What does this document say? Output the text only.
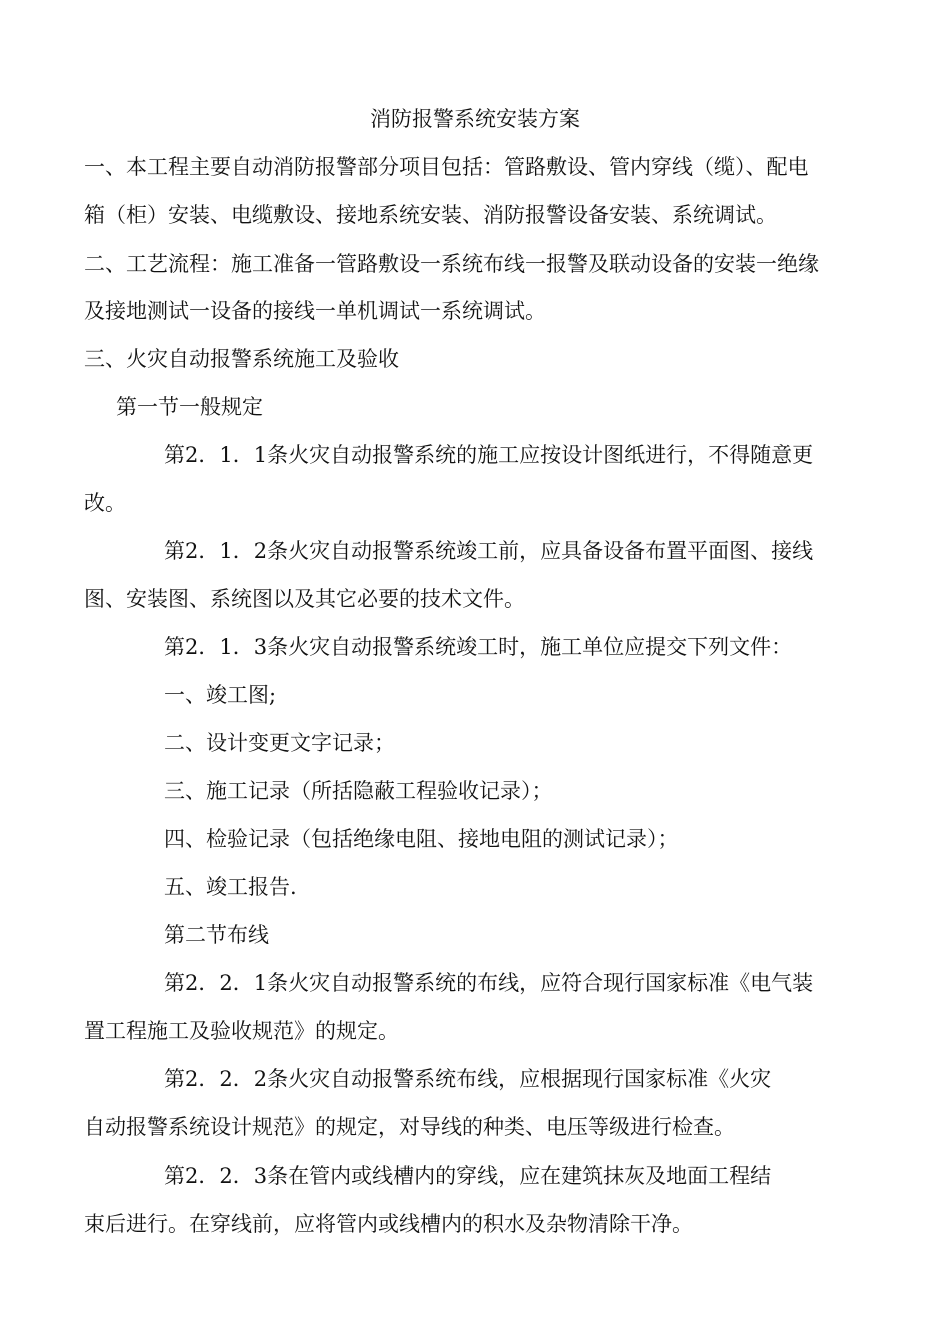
消防报警系统安装方案
一、本工程主要自动消防报警部分项目包括：管路敷设、管内穿线（缆）、配电
箱（柜）安装、电缆敷设、接地系统安装、消防报警设备安装、系统调试。
二、工艺流程：施工准备一管路敷设一系统布线一报警及联动设备的安装一绝缘
及接地测试一设备的接线一单机调试一系统调试。
三、火灾自动报警系统施工及验收
第一节一般规定
第2．1．1条火灾自动报警系统的施工应按设计图纸进行，不得随意更
改。
第2．1．2条火灾自动报警系统竣工前，应具备设备布置平面图、接线
图、安装图、系统图以及其它必要的技术文件。
第2．1．3条火灾自动报警系统竣工时，施工单位应提交下列文件：
一、竣工图;
二、设计变更文字记录；
三、施工记录（所括隐蔽工程验收记录）；
四、检验记录（包括绝缘电阻、接地电阻的测试记录）；
五、竣工报告.
第二节布线
第2．2．1条火灾自动报警系统的布线，应符合现行国家标准《电气装
置工程施工及验收规范》的规定。
第2．2．2条火灾自动报警系统布线，应根据现行国家标准《火灾
自动报警系统设计规范》的规定，对导线的种类、电压等级进行检查。
第2．2．3条在管内或线槽内的穿线，应在建筑抹灰及地面工程结
束后进行。在穿线前，应将管内或线槽内的积水及杂物清除干净。
